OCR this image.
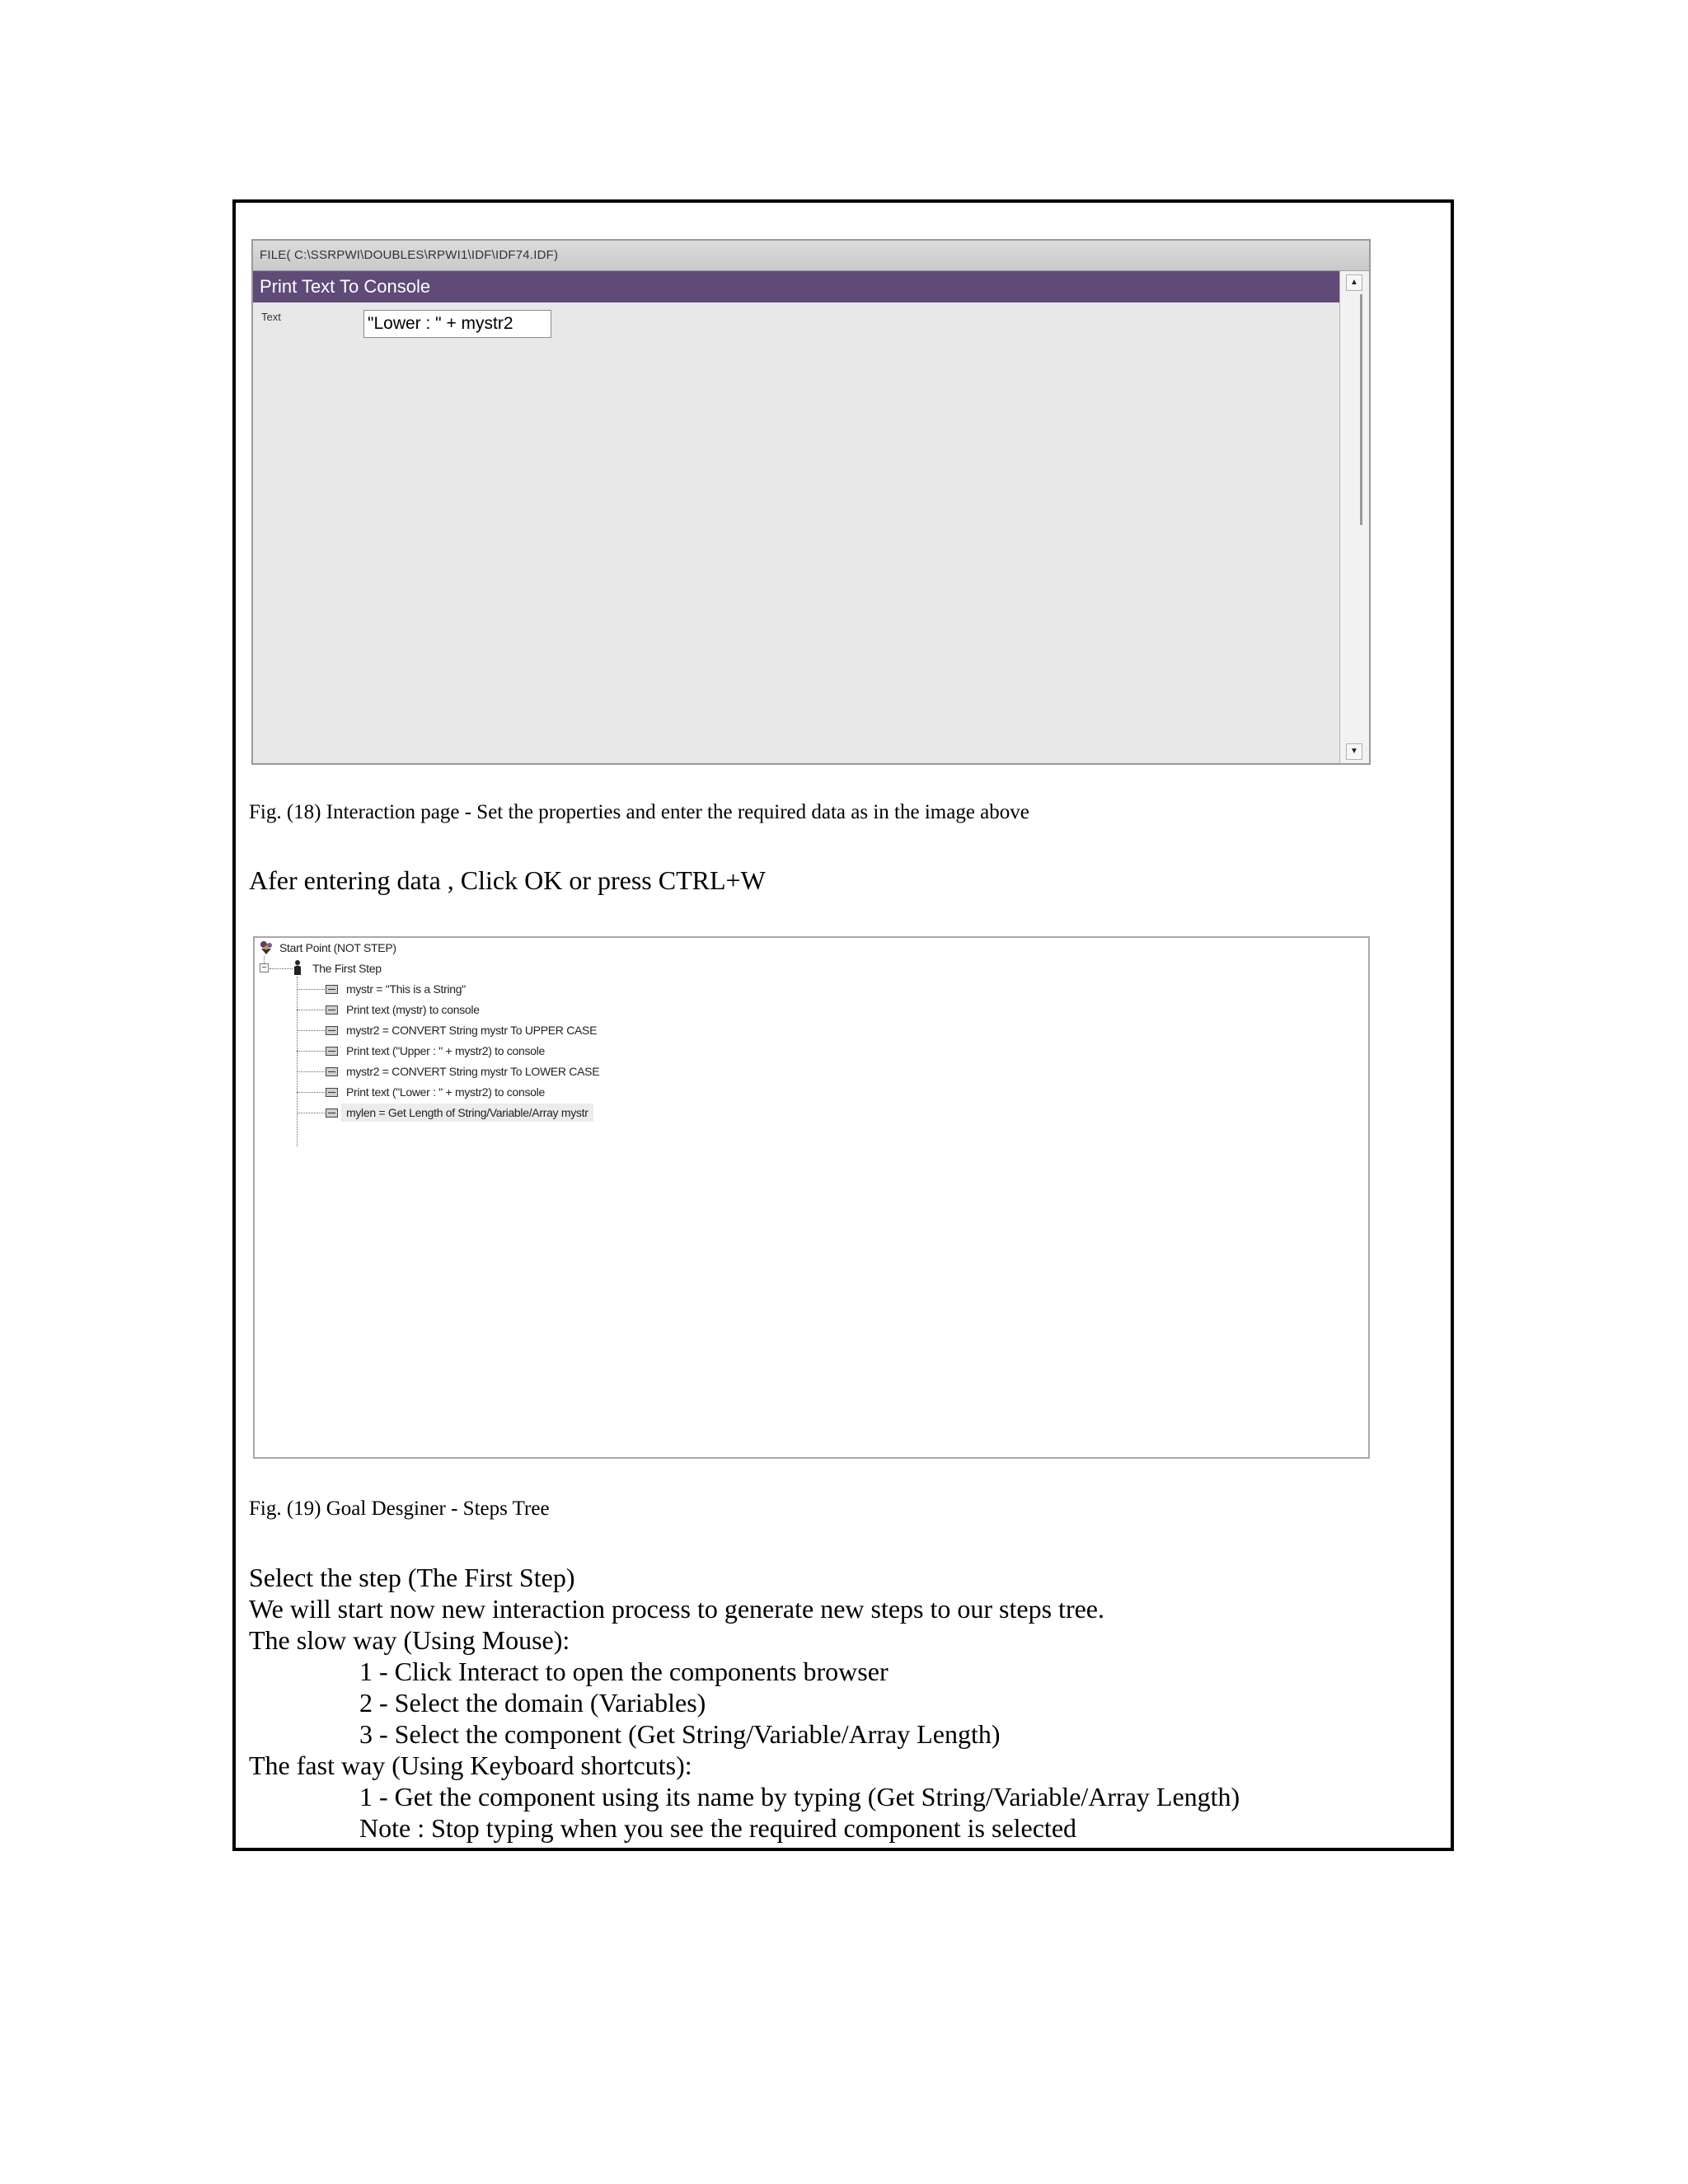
FILE( C:\SSRPWI\DOUBLES\RPWI1\IDF\IDF74.IDF)
Print Text To Console
Text
"Lower : " + mystr2
▲
▼
Fig. (18) Interaction page - Set the properties and enter the required data as in the image above
Afer entering data , Click OK or press CTRL+W
Start Point (NOT STEP)
−	The First Step
mystr = "This is a String"
Print text (mystr) to console
mystr2 = CONVERT String mystr To UPPER CASE
Print text ("Upper : " + mystr2) to console
mystr2 = CONVERT String mystr To LOWER CASE
Print text ("Lower : " + mystr2) to console
mylen = Get Length of String/Variable/Array mystr
Fig. (19) Goal Desginer - Steps Tree
Select the step (The First Step)
We will start now new interaction process to generate new steps to our steps tree.
The slow way (Using Mouse):
1 - Click Interact to open the components browser
2 - Select the domain (Variables)
3 - Select the component (Get String/Variable/Array Length)
The fast way (Using Keyboard shortcuts):
1 - Get the component using its name by typing (Get String/Variable/Array Length)
Note : Stop typing when you see the required component is selected
